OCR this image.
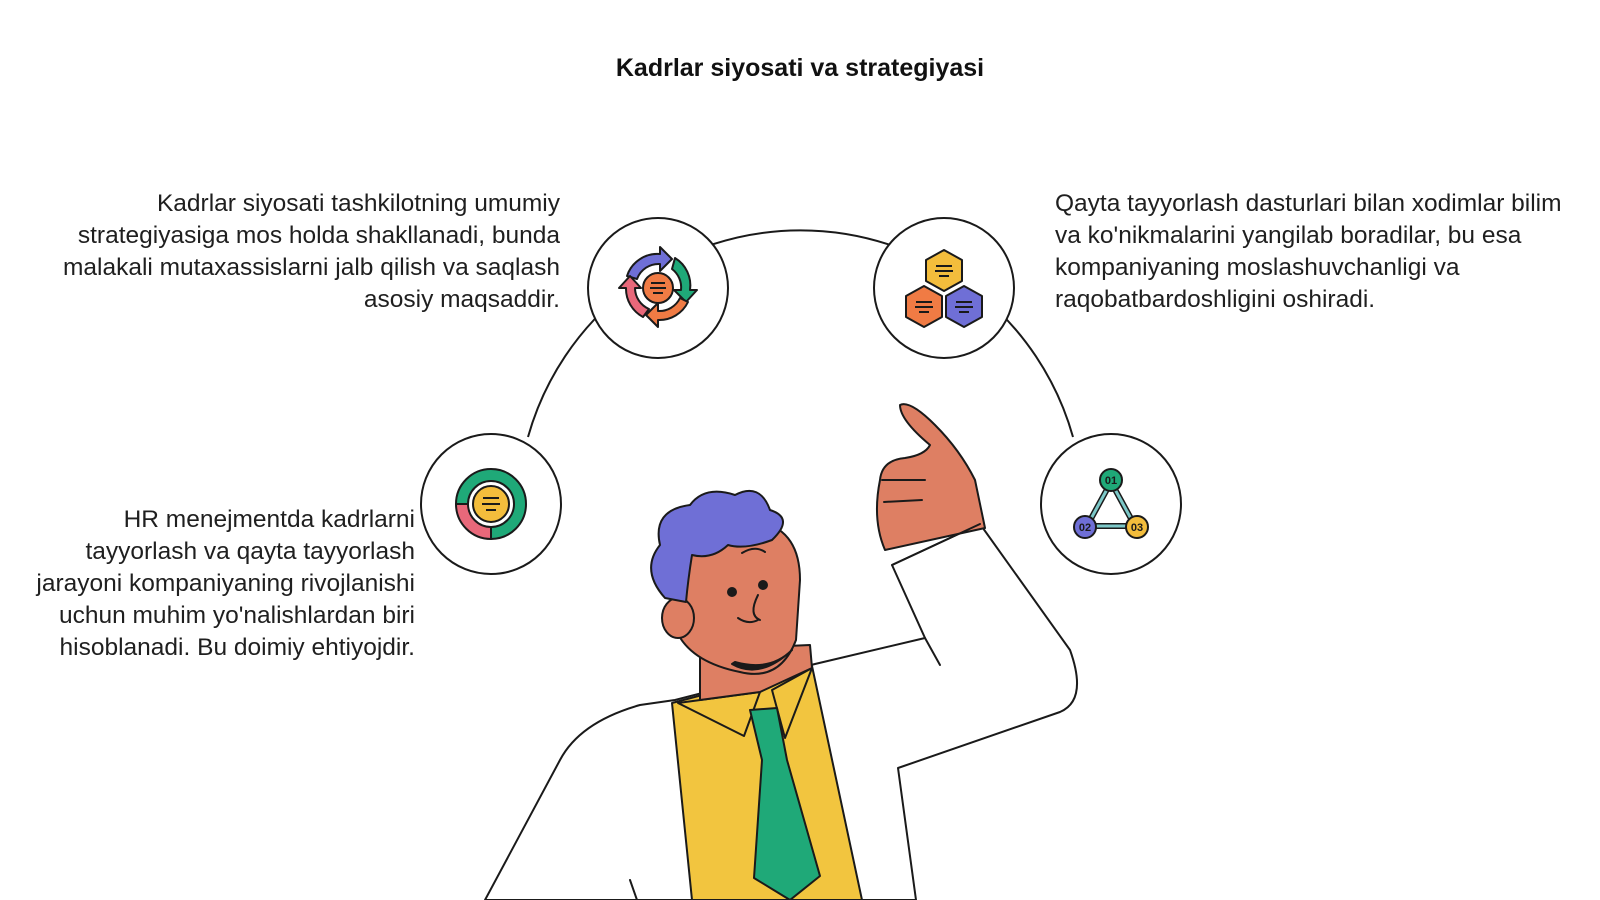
Kadrlar siyosati va strategiyasi
Kadrlar siyosati tashkilotning umumiy strategiyasiga mos holda shakllanadi, bunda malakali mutaxassislarni jalb qilish va saqlash asosiy maqsaddir.
Qayta tayyorlash dasturlari bilan xodimlar bilim va ko'nikmalarini yangilab boradilar, bu esa kompaniyaning moslashuvchanligi va raqobatbardoshligini oshiradi.
HR menejmentda kadrlarni tayyorlash va qayta tayyorlash jarayoni kompaniyaning rivojlanishi uchun muhim yo'nalishlardan biri hisoblanadi. Bu doimiy ehtiyojdir.
01
02	03
